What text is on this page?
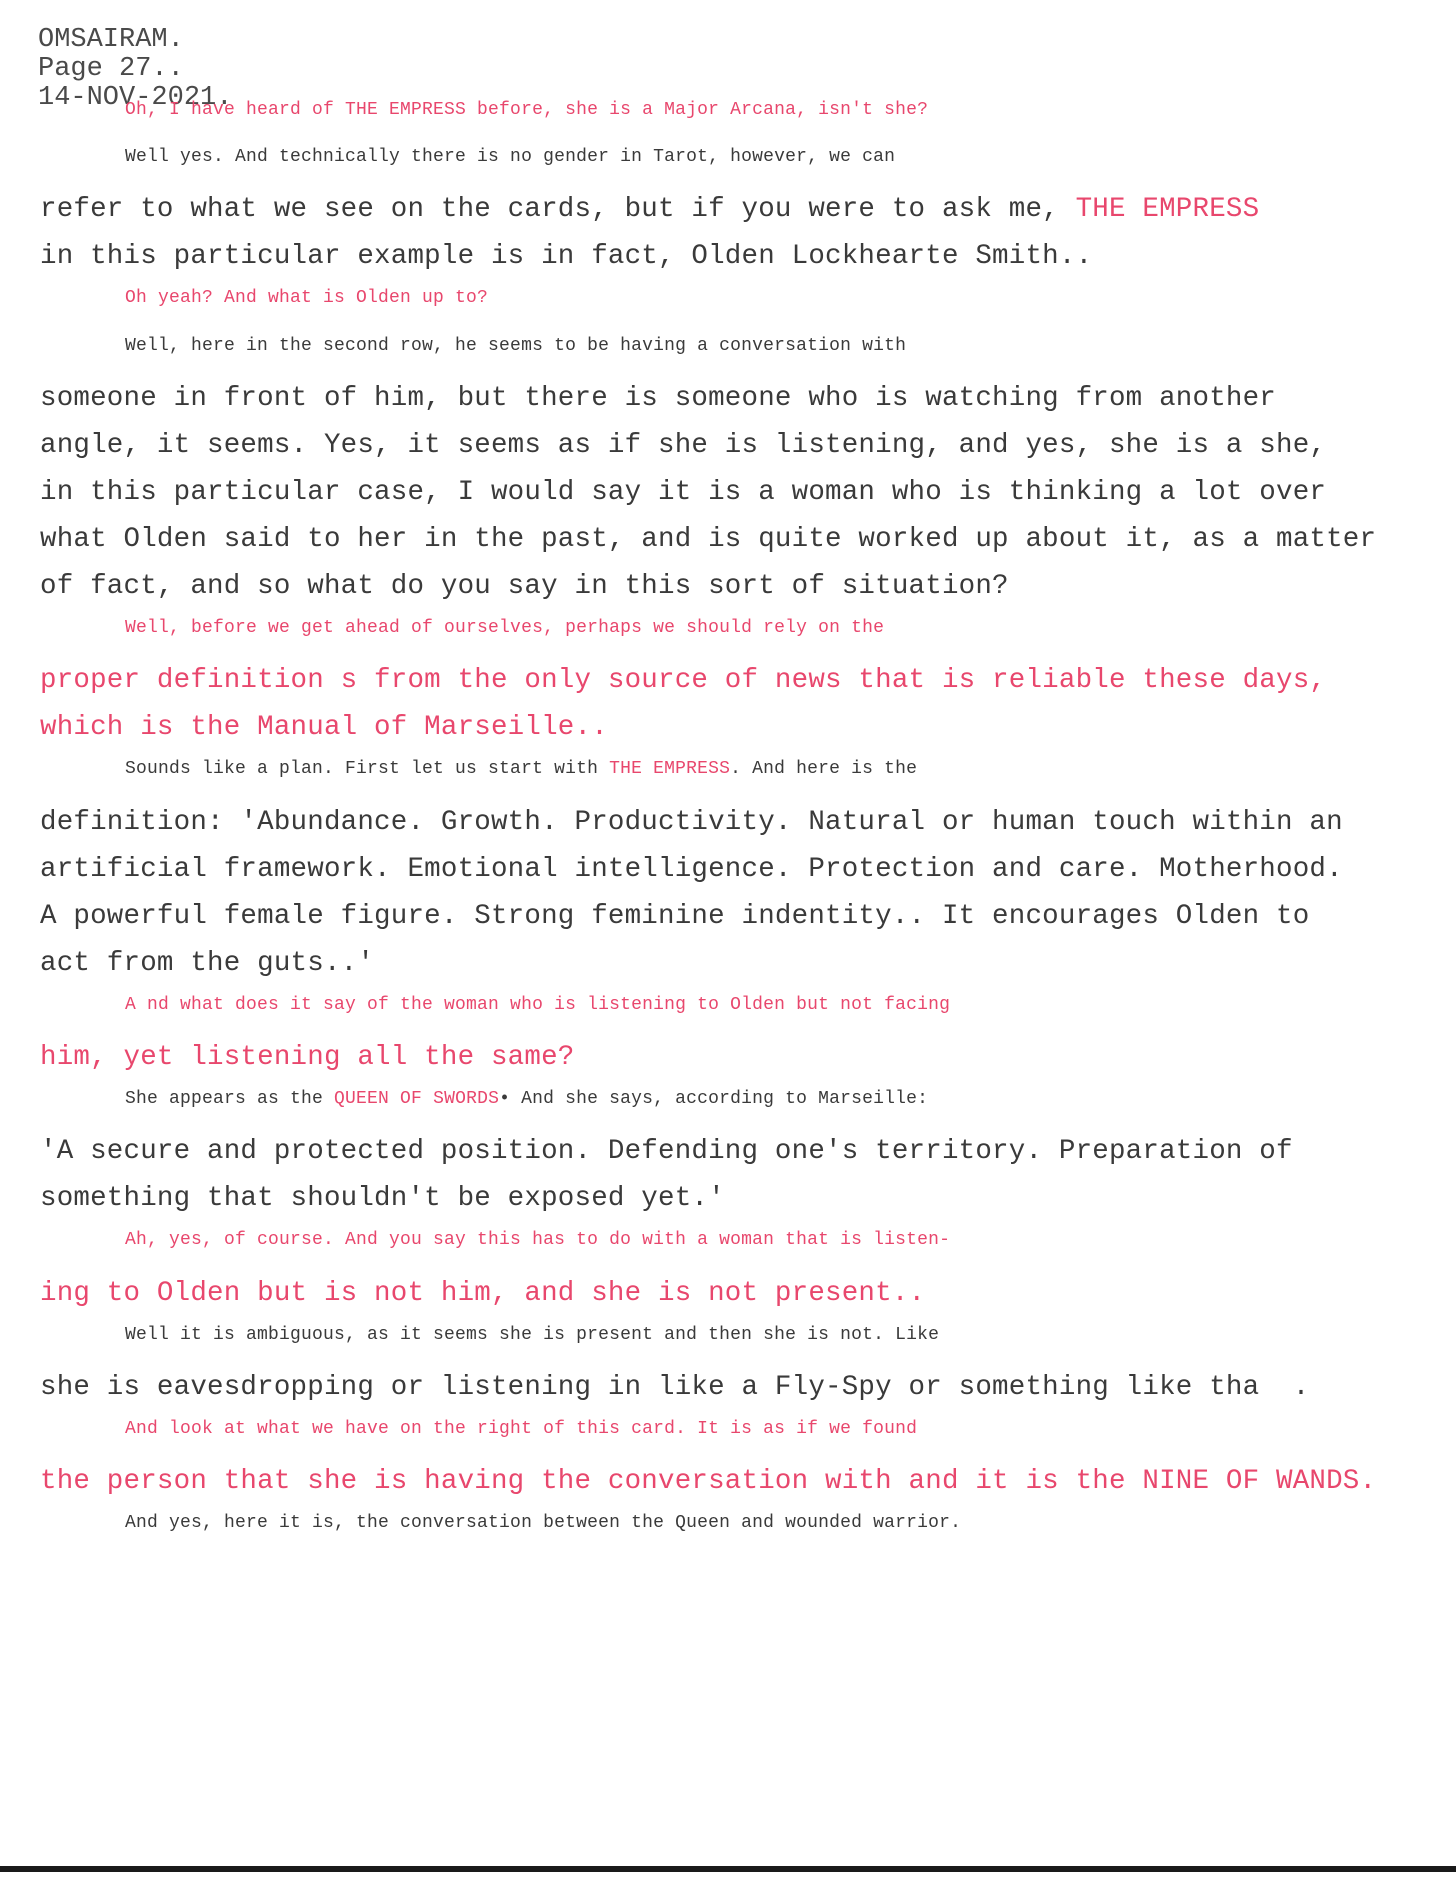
OMSAIRAM.
Page 27..
14-NOV-2021.
Oh, I have heard of THE EMPRESS before, she is a Major Arcana, isn't she?
Well yes. And technically there is no gender in Tarot, however, we can
refer to what we see on the cards, but if you were to ask me, THE EMPRESS
in this particular example is in fact, Olden Lockhearte Smith..
Oh yeah? And what is Olden up to?
Well, here in the second row, he seems to be having a conversation with
someone in front of him, but there is someone who is watching from another
angle, it seems. Yes, it seems as if she is listening, and yes, she is a she,
in this particular case, I would say it is a woman who is thinking a lot over
what Olden said to her in the past, and is quite worked up about it, as a matter
of fact, and so what do you say in this sort of situation?
Well, before we get ahead of ourselves, perhaps we should rely on the
proper definition s from the only source of news that is reliable these days,
which is the Manual of Marseille..
Sounds like a plan. First let us start with THE EMPRESS. And here is the
definition: 'Abundance. Growth. Productivity. Natural or human touch within an
artificial framework. Emotional intelligence. Protection and care. Motherhood.
A powerful female figure. Strong feminine indentity.. It encourages Olden to
act from the guts..'
A nd what does it say of the woman who is listening to Olden but not facing
him, yet listening all the same?
She appears as the QUEEN OF SWORDS• And she says, according to Marseille:
'A secure and protected position. Defending one's territory. Preparation of
something that shouldn't be exposed yet.'
Ah, yes, of course. And you say this has to do with a woman that is listen-
ing to Olden but is not him, and she is not present..
Well it is ambiguous, as it seems she is present and then she is not. Like
she is eavesdropping or listening in like a Fly-Spy or something like tha  .
And look at what we have on the right of this card. It is as if we found
the person that she is having the conversation with and it is the NINE OF WANDS.
And yes, here it is, the conversation between the Queen and wounded warrior.
